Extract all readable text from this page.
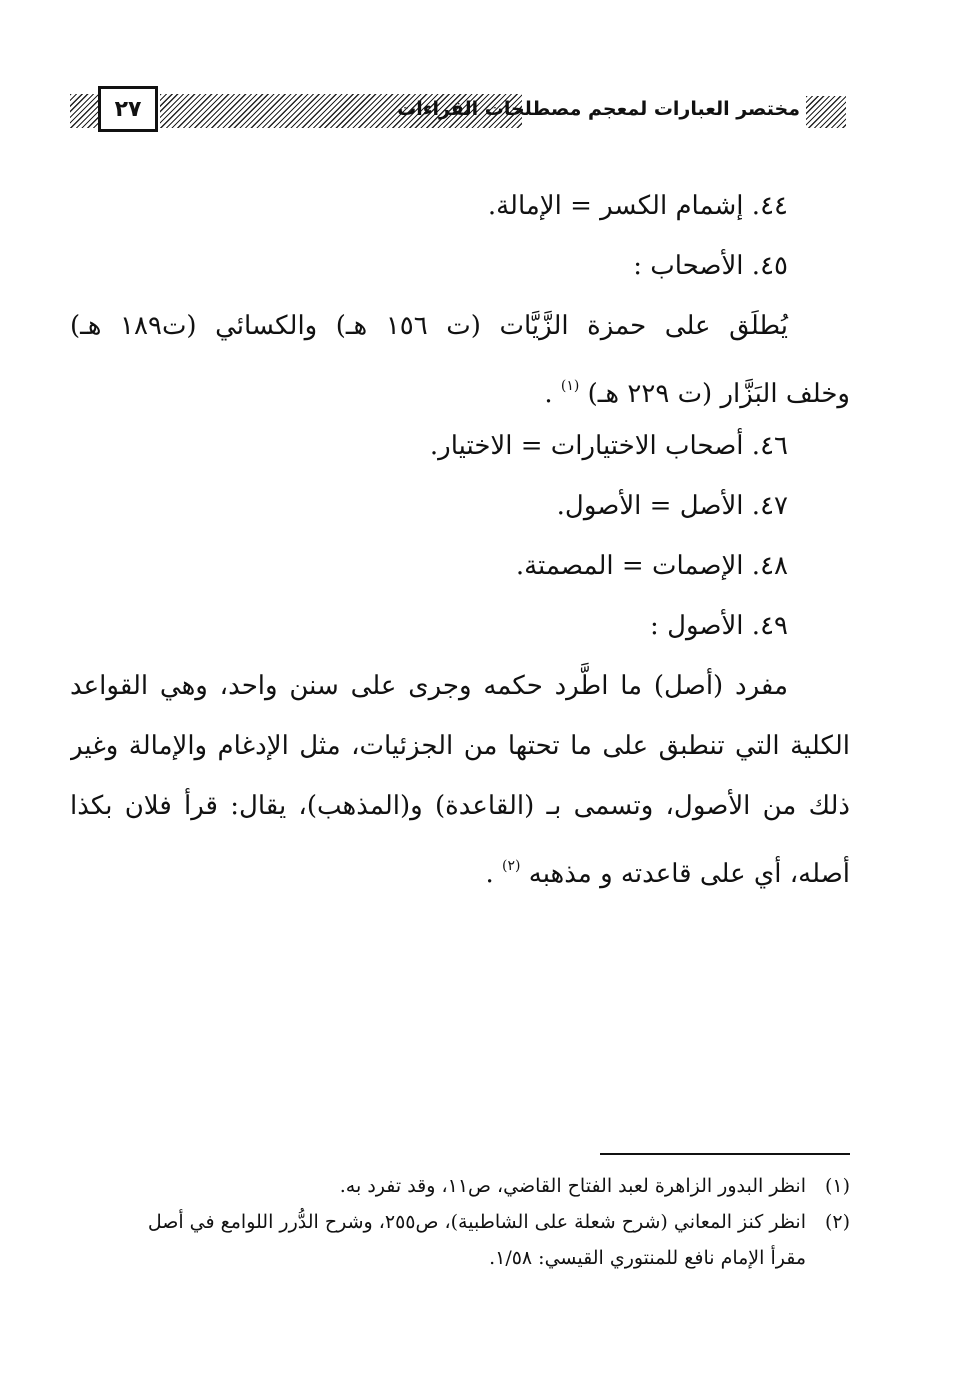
٢٧	مختصر العبارات لمعجم مصطلحات القراءات
٤٤. إشمام الكسر = الإمالة.
٤٥. الأصحاب :
يُطلَق على حمزة الزَّيَّات (ت ١٥٦ هـ) والكسائي (ت١٨٩ هـ)
وخلف البَزَّار (ت ٢٢٩ هـ) $^{(١)}$ .
٤٦. أصحاب الاختيارات = الاختيار.
٤٧. الأصل = الأصول.
٤٨. الإصمات = المصمتة.
٤٩. الأصول :
مفرد (أصل) ما اطَّرد حكمه وجرى على سنن واحد، وهي القواعد
الكلية التي تنطبق على ما تحتها من الجزئيات، مثل الإدغام والإمالة وغير
ذلك من الأصول، وتسمى بـ (القاعدة) و(المذهب)، يقال: قرأ فلان بكذا
أصله، أي على قاعدته و مذهبه $^{(٢)}$ .
(١)
انظر البدور الزاهرة لعبد الفتاح القاضي، ص١١، وقد تفرد به.
(٢)
انظر كنز المعاني (شرح شعلة على الشاطبية)، ص٢٥٥، وشرح الدُّرر اللوامع في أصل
مقرأ الإمام نافع للمنتوري القيسي: ١/٥٨.
